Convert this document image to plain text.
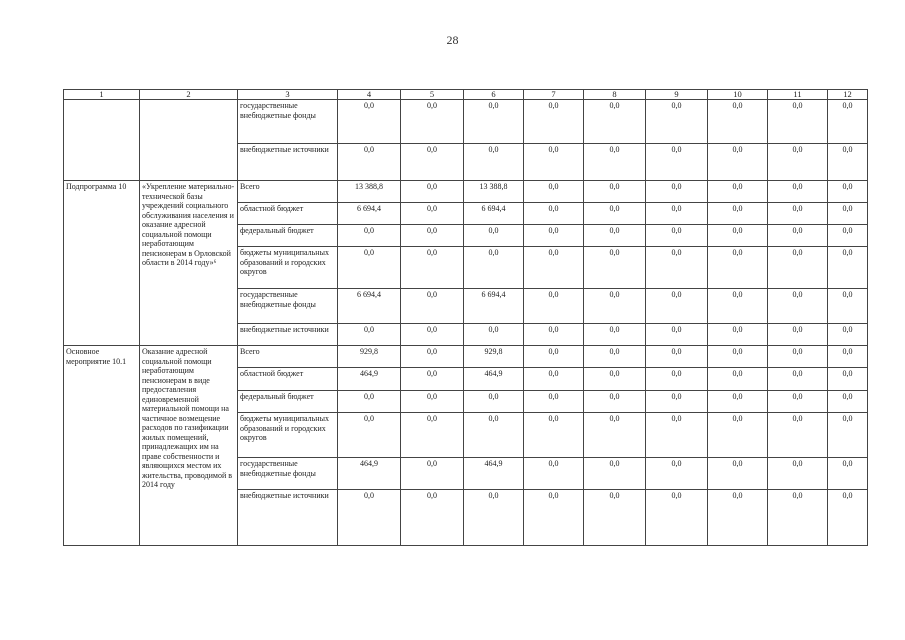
28
1	2	3	4	5	6	7	8	9	10	11	12
		государственные внебюджетные фонды	0,0	0,0	0,0	0,0	0,0	0,0	0,0	0,0	0,0
		внебюджетные источники	0,0	0,0	0,0	0,0	0,0	0,0	0,0	0,0	0,0
Подпрограмма 10	«Укрепление материально-технической базы учреждений социального обслуживания населения и оказание адресной социальной помощи неработающим пенсионерам в Орловской области в 2014 году»⁶	Всего	13 388,8	0,0	13 388,8	0,0	0,0	0,0	0,0	0,0	0,0
		областной бюджет	6 694,4	0,0	6 694,4	0,0	0,0	0,0	0,0	0,0	0,0
		федеральный бюджет	0,0	0,0	0,0	0,0	0,0	0,0	0,0	0,0	0,0
		бюджеты муниципальных образований и городских округов	0,0	0,0	0,0	0,0	0,0	0,0	0,0	0,0	0,0
		государственные внебюджетные фонды	6 694,4	0,0	6 694,4	0,0	0,0	0,0	0,0	0,0	0,0
		внебюджетные источники	0,0	0,0	0,0	0,0	0,0	0,0	0,0	0,0	0,0
Основное мероприятие 10.1	Оказание адресной социальной помощи неработающим пенсионерам в виде предоставления единовременной материальной помощи на частичное возмещение расходов по газификации жилых помещений, принадлежащих им на праве собственности и являющихся местом их жительства, проводимой в 2014 году	Всего	929,8	0,0	929,8	0,0	0,0	0,0	0,0	0,0	0,0
		областной бюджет	464,9	0,0	464,9	0,0	0,0	0,0	0,0	0,0	0,0
		федеральный бюджет	0,0	0,0	0,0	0,0	0,0	0,0	0,0	0,0	0,0
		бюджеты муниципальных образований и городских округов	0,0	0,0	0,0	0,0	0,0	0,0	0,0	0,0	0,0
		государственные внебюджетные фонды	464,9	0,0	464,9	0,0	0,0	0,0	0,0	0,0	0,0
		внебюджетные источники	0,0	0,0	0,0	0,0	0,0	0,0	0,0	0,0	0,0
